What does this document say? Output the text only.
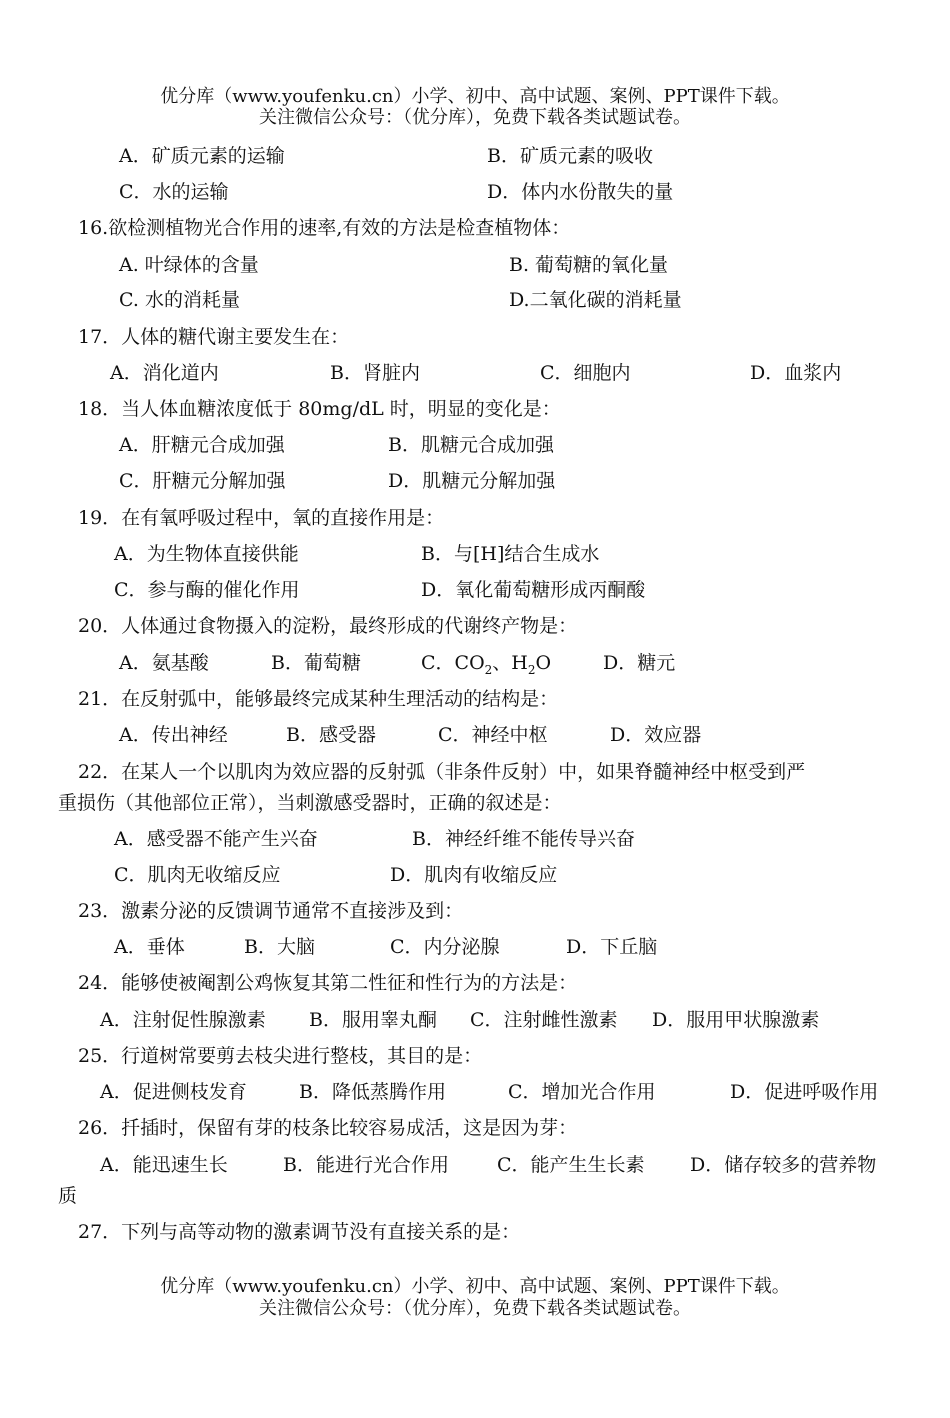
优分库（www.youfenku.cn）小学、初中、高中试题、案例、PPT课件下载。
关注微信公众号：（优分库），免费下载各类试题试卷。
A．矿质元素的运输	B．矿质元素的吸收
C．水的运输	D．体内水份散失的量
16.欲检测植物光合作用的速率,有效的方法是检查植物体：
A. 叶绿体的含量	B. 葡萄糖的氧化量
C. 水的消耗量	D.二氧化碳的消耗量
17．人体的糖代谢主要发生在：
A．消化道内	B．肾脏内	C．细胞内	D．血浆内
18．当人体血糖浓度低于 80mg/dL 时，明显的变化是：
A．肝糖元合成加强	B．肌糖元合成加强
C．肝糖元分解加强	D．肌糖元分解加强
19．在有氧呼吸过程中，氧的直接作用是：
A．为生物体直接供能	B．与[H]结合生成水
C．参与酶的催化作用	D．氧化葡萄糖形成丙酮酸
20．人体通过食物摄入的淀粉，最终形成的代谢终产物是：
A．氨基酸	B．葡萄糖	C．$CO_2$、$H_2O$	D．糖元
21．在反射弧中，能够最终完成某种生理活动的结构是：
A．传出神经	B．感受器	C．神经中枢	D．效应器
22．在某人一个以肌肉为效应器的反射弧（非条件反射）中，如果脊髓神经中枢受到严
重损伤（其他部位正常），当刺激感受器时，正确的叙述是：
A．感受器不能产生兴奋	B．神经纤维不能传导兴奋
C．肌肉无收缩反应	D．肌肉有收缩反应
23．激素分泌的反馈调节通常不直接涉及到：
A．垂体	B．大脑	C．内分泌腺	D．下丘脑
24．能够使被阉割公鸡恢复其第二性征和性行为的方法是：
A．注射促性腺激素 B．服用睾丸酮 C．注射雌性激素 D．服用甲状腺激素
25．行道树常要剪去枝尖进行整枝，其目的是：
A．促进侧枝发育	B．降低蒸腾作用	C．增加光合作用	D．促进呼吸作用
26．扦插时，保留有芽的枝条比较容易成活，这是因为芽：
A．能迅速生长	B．能进行光合作用	C．能产生生长素 D．储存较多的营养物
质
27．下列与高等动物的激素调节没有直接关系的是：
优分库（www.youfenku.cn）小学、初中、高中试题、案例、PPT课件下载。
关注微信公众号：（优分库），免费下载各类试题试卷。
